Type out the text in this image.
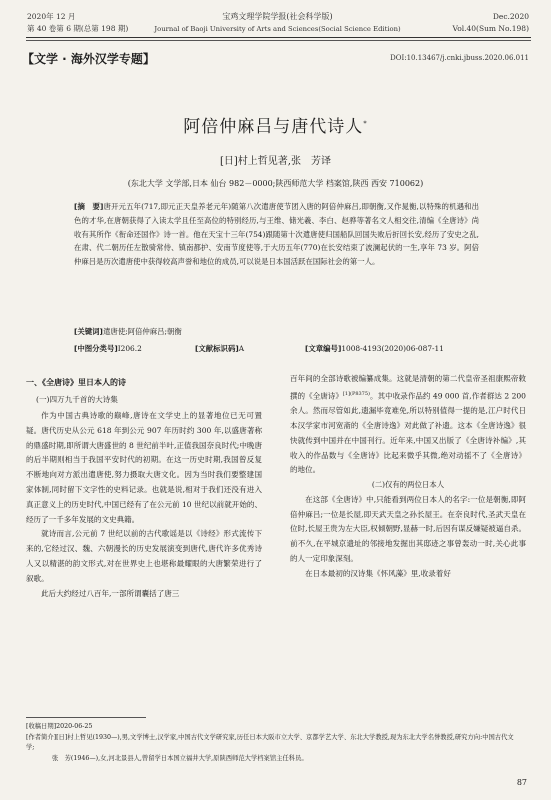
2020年 12 月
第 40 卷第 6 期(总第 198 期)
宝鸡文理学院学报(社会科学版)
Journal of Baoji University of Arts and Sciences(Social Science Edition)
Dec.2020
Vol.40(Sum No.198)
【文学 · 海外汉学专题】	DOI:10.13467/j.cnki.jbuss.2020.06.011
阿倍仲麻吕与唐代诗人*
[日]村上哲见著,张　芳译
(东北大学 文学部,日本 仙台 982－0000;陕西师范大学 档案馆,陕西 西安 710062)
[摘　要]唐开元五年(717,即元正天皇养老元年)随第八次遣唐使节团入唐的阿倍仲麻吕,即朝衡,又作晁衡,以特殊的机遇和出色的才华,在唐朝获得了入读太学且任至高位的特别经历,与王维、储光羲、李白、赵骅等著名文人相交往,清编《全唐诗》尚收有其所作《衔命还国作》诗一首。他在天宝十三年(754)跟随第十次遣唐使归国船队回国失败后折回长安,经历了安史之乱,在肃、代二朝历任左散骑常侍、镇南都护、安南节度使等,于大历五年(770)在长安结束了波澜起伏的一生,享年 73 岁。阿倍仲麻吕是历次遣唐使中获得较高声誉和地位的成员,可以说是日本国活跃在国际社会的第一人。
[关键词]遣唐使;阿倍仲麻吕;朝衡
[中图分类号]I206.2	[文献标识码]A	[文章编号]1008-4193(2020)06-087-11
一、《全唐诗》里日本人的诗
(一)四万九千首的大诗集

作为中国古典诗歌的巅峰,唐诗在文学史上的显著地位已无可置疑。唐代历史从公元 618 年到公元 907 年历时约 300 年,以盛唐著称的鼎盛时期,即所谓大唐盛世的 8 世纪前半叶,正值我国奈良时代;中晚唐的后半期则相当于我国平安时代的初期。在这一历史时期,我国曾反复不断地向对方派出遣唐使,努力摄取大唐文化。因为当时我们要整建国家体制,同时留下文字性的史料记录。也就是说,相对于我们还没有进入真正意义上的历史时代,中国已经有了在公元前 10 世纪以前就开始的、经历了一千多年发展的文史典籍。

就诗而言,公元前 7 世纪以前的古代歌谣是以《诗经》形式流传下来的,它经过汉、魏、六朝漫长的历史发展演变到唐代,唐代许多优秀诗人又以精湛的韵文形式,对在世界史上也堪称最耀眼的大唐繁荣进行了叙歌。

此后大约经过八百年,一部所谓囊括了唐三

百年间的全部诗歌被编纂成集。这就是清朝的第二代皇帝圣祖康熙帝敕撰的《全唐诗》$^{[1](P8375)}$。其中收录作品约 49 000 首,作者群达 2 200 余人。然而尽管如此,遗漏毕竟难免,所以特别值得一提的是,江户时代日本汉学家市河宽斋的《全唐诗逸》对此做了补遗。这本《全唐诗逸》很快就传到中国并在中国刊行。近年来,中国又出版了《全唐诗补编》,其收入的作品数与《全唐诗》比起来微乎其微,绝对动摇不了《全唐诗》的地位。

(二)仅有的两位日本人

在这部《全唐诗》中,只能看到两位日本人的名字:一位是朝衡,即阿倍仲麻吕;一位是长屋,即天武天皇之孙长屋王。在奈良时代,圣武天皇在位时,长屋王贵为左大臣,权倾朝野,显赫一时,后因有谋反嫌疑被逼自杀。前不久,在平城京遗址的邻接地发掘出其邸迹之事曾轰动一时,关心此事的人一定印象深刻。

在日本最初的汉诗集《怀风藻》里,收录着好

[收稿日期]2020-06-25
[作者简介][日]村上哲见(1930—),男,文学博士,汉学家,中国古代文学研究家,历任日本大阪市立大学、京都学艺大学、东北大学教授,现为东北大学名誉教授,研究方向:中国古代文学;
张　芳(1946—),女,河北景县人,曾留学日本国立福井大学,原陕西师范大学档案馆主任科员。
87
